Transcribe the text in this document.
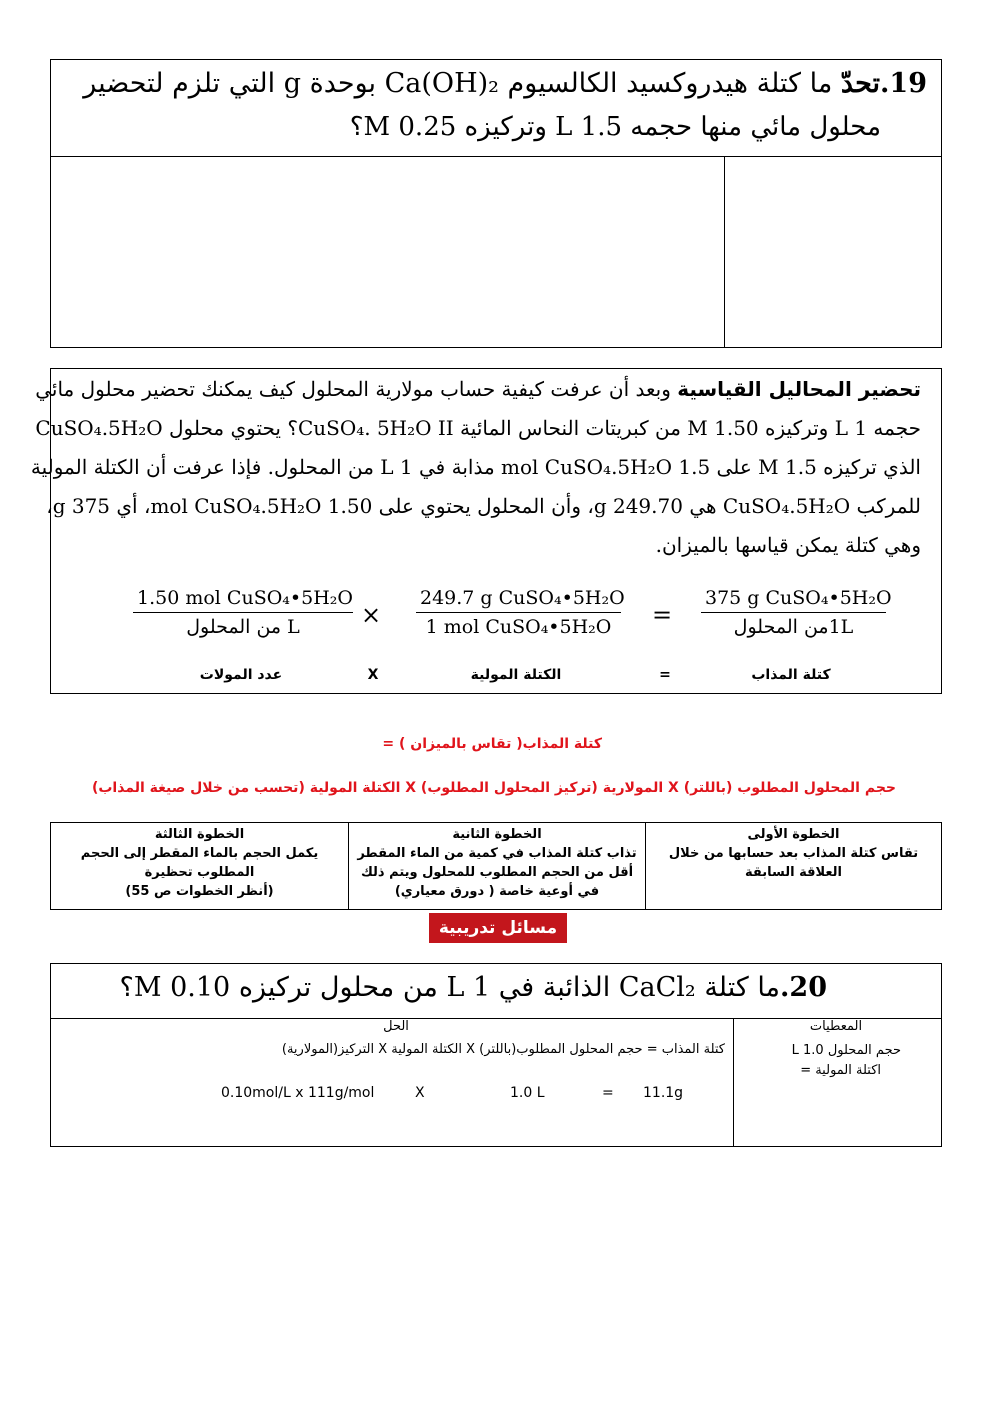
19.تحدّ ما كتلة هيدروكسيد الكالسيوم Ca(OH)₂ بوحدة g التي تلزم لتحضير
محلول مائي منها حجمه 1.5 L وتركيزه 0.25 M؟
تحضير المحاليل القياسية وبعد أن عرفت كيفية حساب مولارية المحلول كيف يمكنك تحضير محلول مائي
حجمه 1 L وتركيزه 1.50 M من كبريتات النحاس المائية CuSO₄. 5H₂O II؟ يحتوي محلول CuSO₄.5H₂O
الذي تركيزه 1.5 M على 1.5 mol CuSO₄.5H₂O مذابة في 1 L من المحلول. فإذا عرفت أن الكتلة المولية
للمركب CuSO₄.5H₂O هي 249.70 g، وأن المحلول يحتوي على 1.50 mol CuSO₄.5H₂O، أي 375 g،
وهي كتلة يمكن قياسها بالميزان.
1.50 mol CuSO₄•5H₂O
L من المحلول	×
249.7 g CuSO₄•5H₂O
1 mol CuSO₄•5H₂O	=
375 g CuSO₄•5H₂O
1Lمن المحلول
عدد المولات	X	الكتلة المولية	=	كتلة المذاب
كتلة المذاب( تقاس بالميزان ) =
حجم المحلول المطلوب (باللتر) X المولارية (تركيز المحلول المطلوب) X الكتلة المولية (تحسب من خلال صيغة المذاب)
الخطوة الأولى
تقاس كتلة المذاب بعد حسابها من خلال العلاقة السابقة
الخطوة الثانية
تذاب كتلة المذاب في كمية من الماء المقطر أقل من الحجم المطلوب للمحلول ويتم ذلك في أوعية خاصة ( دورق معياري)
الخطوة الثالثة
يكمل الحجم بالماء المقطر إلى الحجم المطلوب تحظيرة
(أنظر الخطوات ص 55)
مسائل تدريبية
20.ما كتلة CaCl₂ الذائبة في 1 L من محلول تركيزه 0.10 M؟
المعطيات
حجم المحلول 1.0 L
اكتلة المولية =
الحل
كتلة المذاب = حجم المحلول المطلوب(باللتر) X الكتلة المولية X التركيز(المولارية)
0.10mol/L x 111g/mol	X	1.0 L	= 11.1g
